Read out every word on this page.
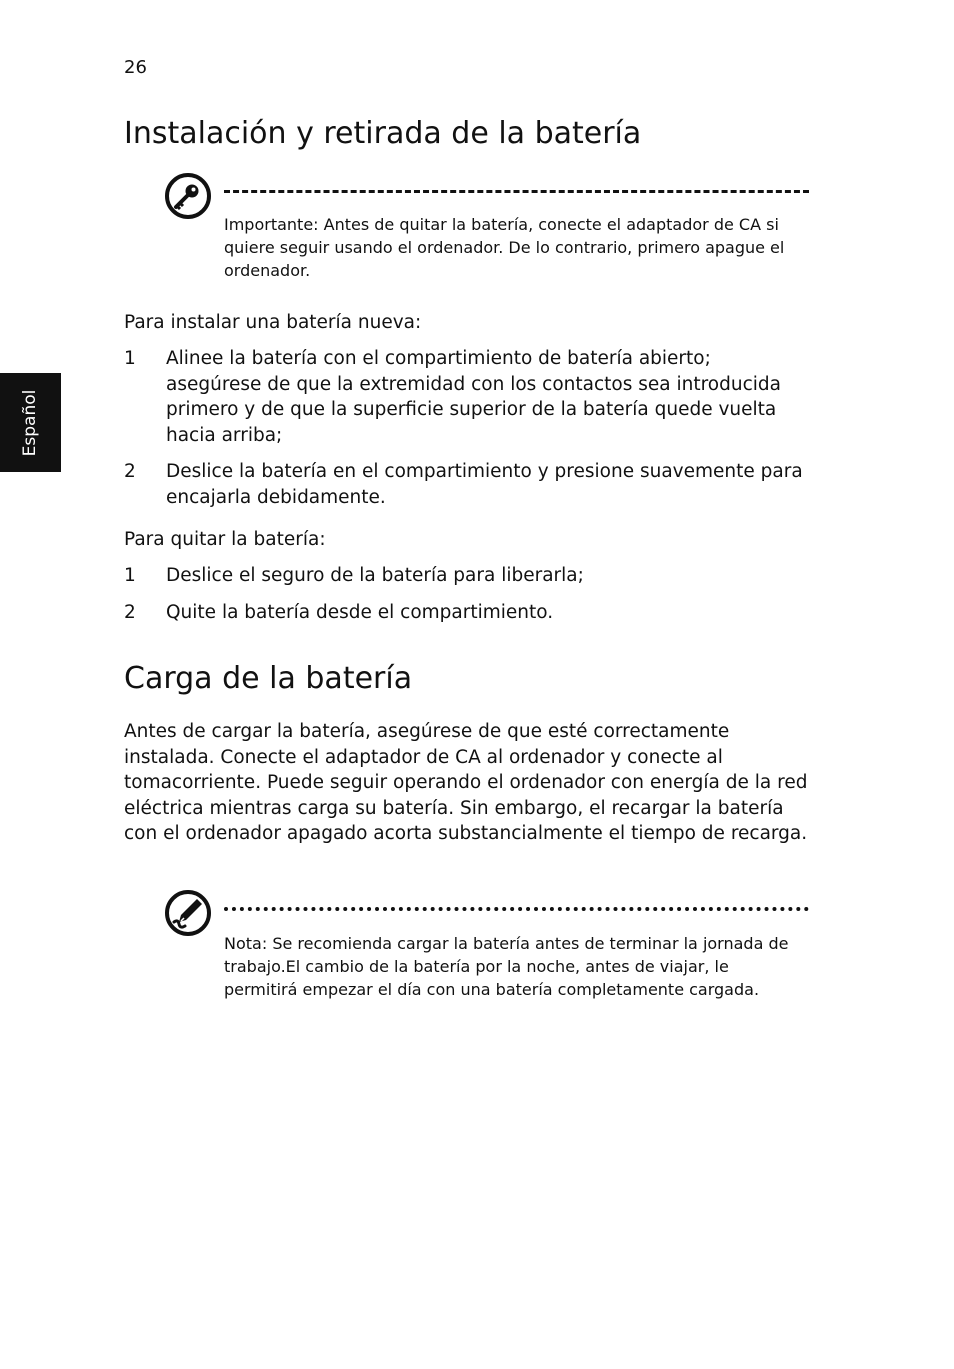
26
Español
Instalación y retirada de la batería

Importante: Antes de quitar la batería, conecte el adaptador de CA si quiere seguir usando el ordenador. De lo contrario, primero apague el ordenador.

Para instalar una batería nueva:

1 Alinee la batería con el compartimiento de batería abierto; asegúrese de que la extremidad con los contactos sea introducida primero y de que la superficie superior de la batería quede vuelta hacia arriba;
2 Deslice la batería en el compartimiento y presione suavemente para encajarla debidamente.

Para quitar la batería:

1 Deslice el seguro de la batería para liberarla;
2 Quite la batería desde el compartimiento.
Carga de la batería

Antes de cargar la batería, asegúrese de que esté correctamente instalada. Conecte el adaptador de CA al ordenador y conecte al tomacorriente. Puede seguir operando el ordenador con energía de la red eléctrica mientras carga su batería. Sin embargo, el recargar la batería con el ordenador apagado acorta substancialmente el tiempo de recarga.

Nota: Se recomienda cargar la batería antes de terminar la jornada de trabajo.El cambio de la batería por la noche, antes de viajar, le permitirá empezar el día con una batería completamente cargada.
